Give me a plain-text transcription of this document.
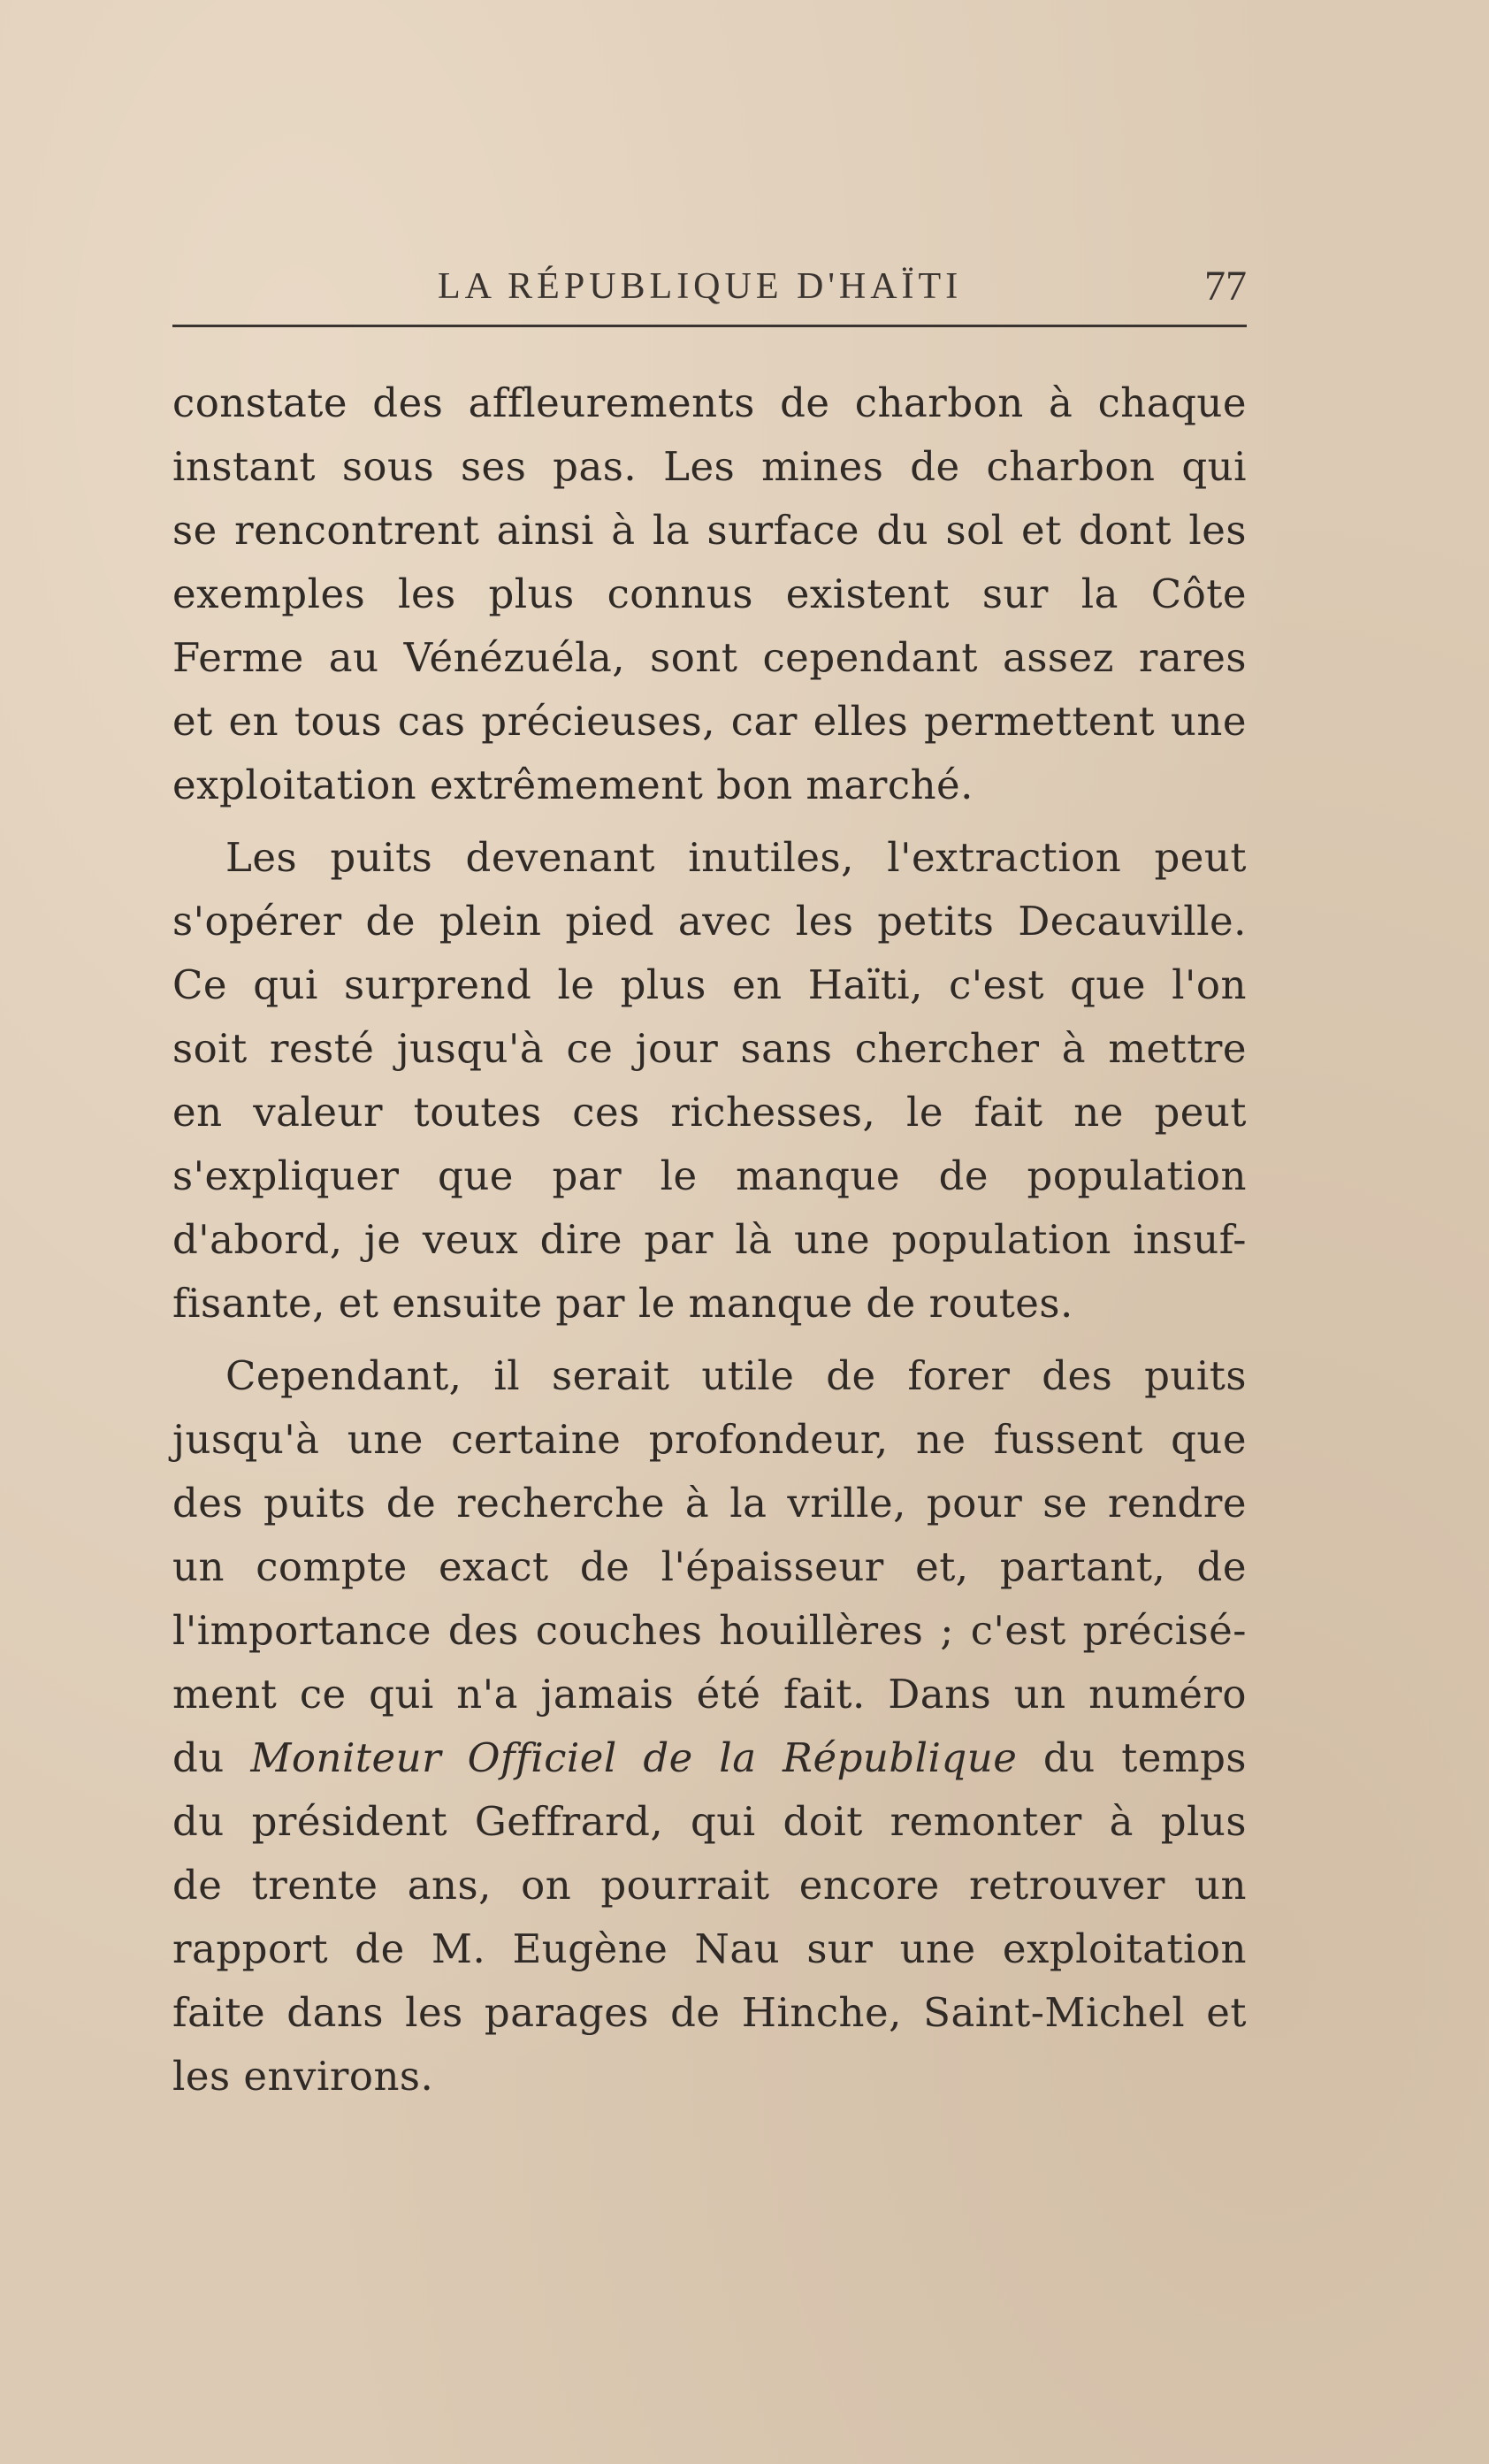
LA RÉPUBLIQUE D'HAÏTI	77
constate des affleurements de charbon à chaque
instant sous ses pas. Les mines de charbon qui
se rencontrent ainsi à la surface du sol et dont les
exemples les plus connus existent sur la Côte
Ferme au Vénézuéla, sont cependant assez rares
et en tous cas précieuses, car elles permettent une
exploitation extrêmement bon marché.
Les puits devenant inutiles, l'extraction peut
s'opérer de plein pied avec les petits Decauville.
Ce qui surprend le plus en Haïti, c'est que l'on
soit resté jusqu'à ce jour sans chercher à mettre
en valeur toutes ces richesses, le fait ne peut
s'expliquer que par le manque de population
d'abord, je veux dire par là une population insuf-
fisante, et ensuite par le manque de routes.
Cependant, il serait utile de forer des puits
jusqu'à une certaine profondeur, ne fussent que
des puits de recherche à la vrille, pour se rendre
un compte exact de l'épaisseur et, partant, de
l'importance des couches houillères ; c'est précisé-
ment ce qui n'a jamais été fait. Dans un numéro
du Moniteur Officiel de la République du temps
du président Geffrard, qui doit remonter à plus
de trente ans, on pourrait encore retrouver un
rapport de M. Eugène Nau sur une exploitation
faite dans les parages de Hinche, Saint-Michel et
les environs.
